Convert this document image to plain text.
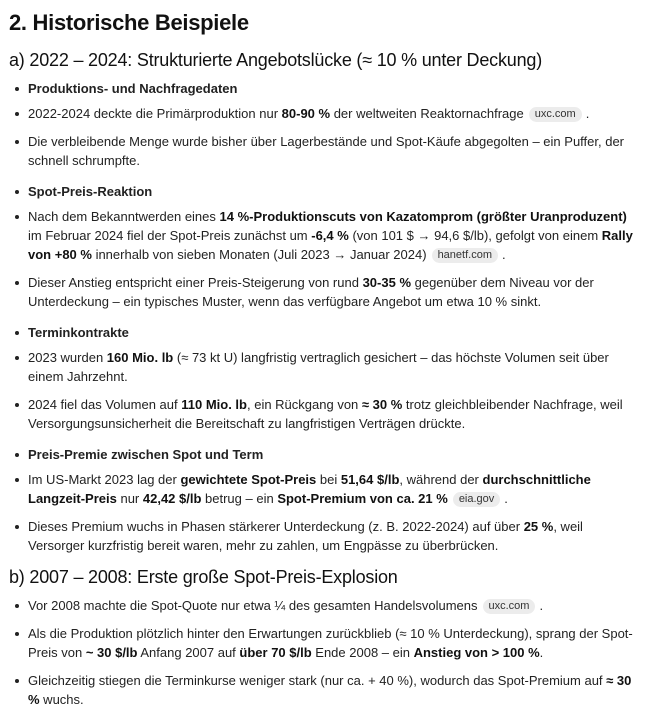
2. Historische Beispiele
a) 2022 – 2024: Strukturierte Angebotslücke (≈ 10 % unter Deckung)
Produktions- und Nachfragedaten
2022-2024 deckte die Primärproduktion nur 80-90 % der weltweiten Reaktornachfrage uxc.com .
Die verbleibende Menge wurde bisher über Lagerbestände und Spot-Käufe abgegolten – ein Puffer, der schnell schrumpfte.
Spot-Preis-Reaktion
Nach dem Bekanntwerden eines 14 %-Produktionscuts von Kazatomprom (größter Uranproduzent) im Februar 2024 fiel der Spot-Preis zunächst um -6,4 % (von 101 $ → 94,6 $/lb), gefolgt von einem Rally von +80 % innerhalb von sieben Monaten (Juli 2023 → Januar 2024) hanetf.com .
Dieser Anstieg entspricht einer Preis-Steigerung von rund 30-35 % gegenüber dem Niveau vor der Unterdeckung – ein typisches Muster, wenn das verfügbare Angebot um etwa 10 % sinkt.
Terminkontrakte
2023 wurden 160 Mio. lb (≈ 73 kt U) langfristig vertraglich gesichert – das höchste Volumen seit über einem Jahrzehnt.
2024 fiel das Volumen auf 110 Mio. lb, ein Rückgang von ≈ 30 % trotz gleichbleibender Nachfrage, weil Versorgungsunsicherheit die Bereitschaft zu langfristigen Verträgen drückte.
Preis-Premie zwischen Spot und Term
Im US-Markt 2023 lag der gewichtete Spot-Preis bei 51,64 $/lb, während der durchschnittliche Langzeit-Preis nur 42,42 $/lb betrug – ein Spot-Premium von ca. 21 % eia.gov .
Dieses Premium wuchs in Phasen stärkerer Unterdeckung (z. B. 2022-2024) auf über 25 %, weil Versorger kurzfristig bereit waren, mehr zu zahlen, um Engpässe zu überbrücken.
b) 2007 – 2008: Erste große Spot-Preis-Explosion
Vor 2008 machte die Spot-Quote nur etwa ¼ des gesamten Handelsvolumens uxc.com .
Als die Produktion plötzlich hinter den Erwartungen zurückblieb (≈ 10 % Unterdeckung), sprang der Spot-Preis von ~ 30 $/lb Anfang 2007 auf über 70 $/lb Ende 2008 – ein Anstieg von > 100 %.
Gleichzeitig stiegen die Terminkurse weniger stark (nur ca. + 40 %), wodurch das Spot-Premium auf ≈ 30 % wuchs.
